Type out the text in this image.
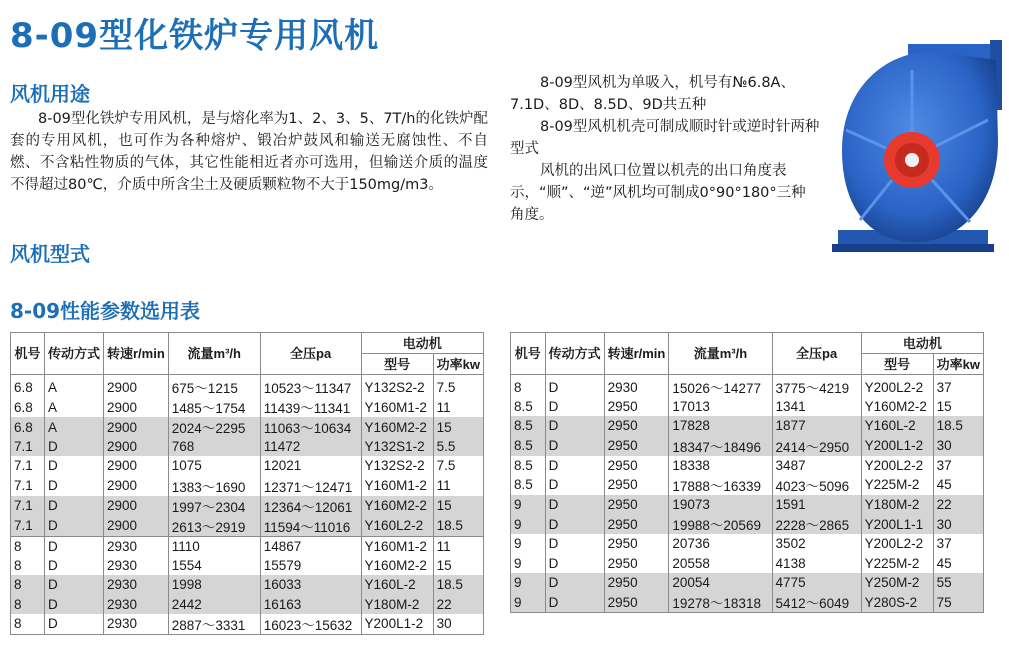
8-09型化铁炉专用风机
风机用途

8-09型化铁炉专用风机，是与熔化率为1、2、3、5、7T/h的化铁炉配套的专用风机，也可作为各种熔炉、锻冶炉鼓风和输送无腐蚀性、不自燃、不含粘性物质的气体，其它性能相近者亦可选用，但输送介质的温度不得超过80℃，介质中所含尘土及硬质颗粒物不大于150mg/m3。

风机型式

8-09型风机为单吸入，机号有№6.8A、7.1D、8D、8.5D、9D共五种

8-09型风机机壳可制成顺时针或逆时针两种型式

风机的出风口位置以机壳的出口角度表示，“顺”、“逆”风机均可制成0°90°180°三种角度。

8-09性能参数选用表
机号	传动方式	转速r/min	流量m³/h	全压pa	电动机	
					型号	功率kw
6.8	A	2900	675～1215	10523～11347	Y132S2-2	7.5
6.8	A	2900	1485～1754	11439～11341	Y160M1-2	11
6.8	A	2900	2024～2295	11063～10634	Y160M2-2	15
7.1	D	2900	768	11472	Y132S1-2	5.5
7.1	D	2900	1075	12021	Y132S2-2	7.5
7.1	D	2900	1383～1690	12371～12471	Y160M1-2	11
7.1	D	2900	1997～2304	12364～12061	Y160M2-2	15
7.1	D	2900	2613～2919	11594～11016	Y160L2-2	18.5
8	D	2930	1110	14867	Y160M1-2	11
8	D	2930	1554	15579	Y160M2-2	15
8	D	2930	1998	16033	Y160L-2	18.5
8	D	2930	2442	16163	Y180M-2	22
8	D	2930	2887～3331	16023～15632	Y200L1-2	30
机号	传动方式	转速r/min	流量m³/h	全压pa	电动机	
					型号	功率kw
8	D	2930	15026～14277	3775～4219	Y200L2-2	37
8.5	D	2950	17013	1341	Y160M2-2	15
8.5	D	2950	17828	1877	Y160L-2	18.5
8.5	D	2950	18347～18496	2414～2950	Y200L1-2	30
8.5	D	2950	18338	3487	Y200L2-2	37
8.5	D	2950	17888～16339	4023～5096	Y225M-2	45
9	D	2950	19073	1591	Y180M-2	22
9	D	2950	19988～20569	2228～2865	Y200L1-1	30
9	D	2950	20736	3502	Y200L2-2	37
9	D	2950	20558	4138	Y225M-2	45
9	D	2950	20054	4775	Y250M-2	55
9	D	2950	19278～18318	5412～6049	Y280S-2	75
